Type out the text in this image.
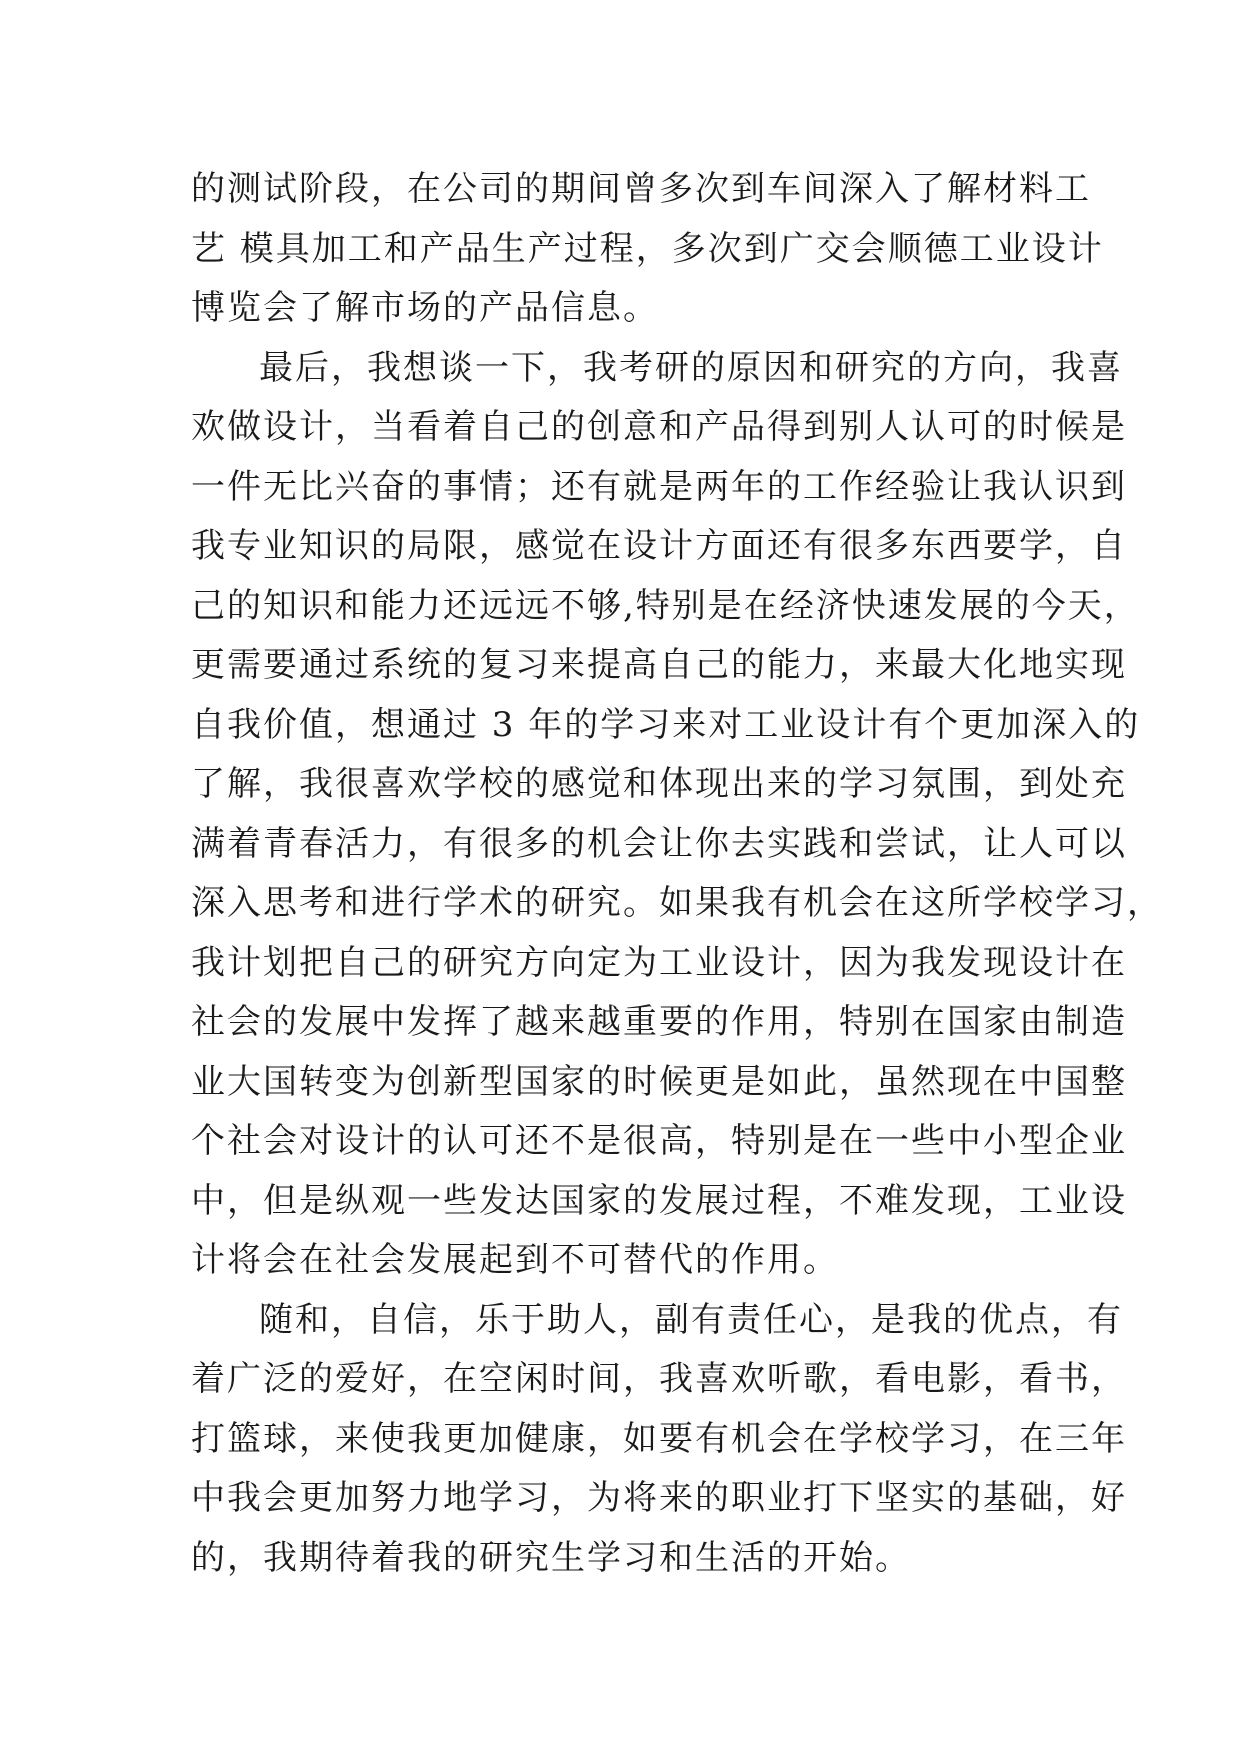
的测试阶段，在公司的期间曾多次到车间深入了解材料工
艺 模具加工和产品生产过程，多次到广交会顺德工业设计
博览会了解市场的产品信息。
最后，我想谈一下，我考研的原因和研究的方向，我喜
欢做设计，当看着自己的创意和产品得到别人认可的时候是
一件无比兴奋的事情；还有就是两年的工作经验让我认识到
我专业知识的局限，感觉在设计方面还有很多东西要学，自
己的知识和能力还远远不够,特别是在经济快速发展的今天，
更需要通过系统的复习来提高自己的能力，来最大化地实现
自我价值，想通过 3 年的学习来对工业设计有个更加深入的
了解，我很喜欢学校的感觉和体现出来的学习氛围，到处充
满着青春活力，有很多的机会让你去实践和尝试，让人可以
深入思考和进行学术的研究。如果我有机会在这所学校学习，
我计划把自己的研究方向定为工业设计，因为我发现设计在
社会的发展中发挥了越来越重要的作用，特别在国家由制造
业大国转变为创新型国家的时候更是如此，虽然现在中国整
个社会对设计的认可还不是很高，特别是在一些中小型企业
中，但是纵观一些发达国家的发展过程，不难发现，工业设
计将会在社会发展起到不可替代的作用。
随和，自信，乐于助人，副有责任心，是我的优点，有
着广泛的爱好，在空闲时间，我喜欢听歌，看电影，看书，
打篮球，来使我更加健康，如要有机会在学校学习，在三年
中我会更加努力地学习，为将来的职业打下坚实的基础，好
的，我期待着我的研究生学习和生活的开始。
